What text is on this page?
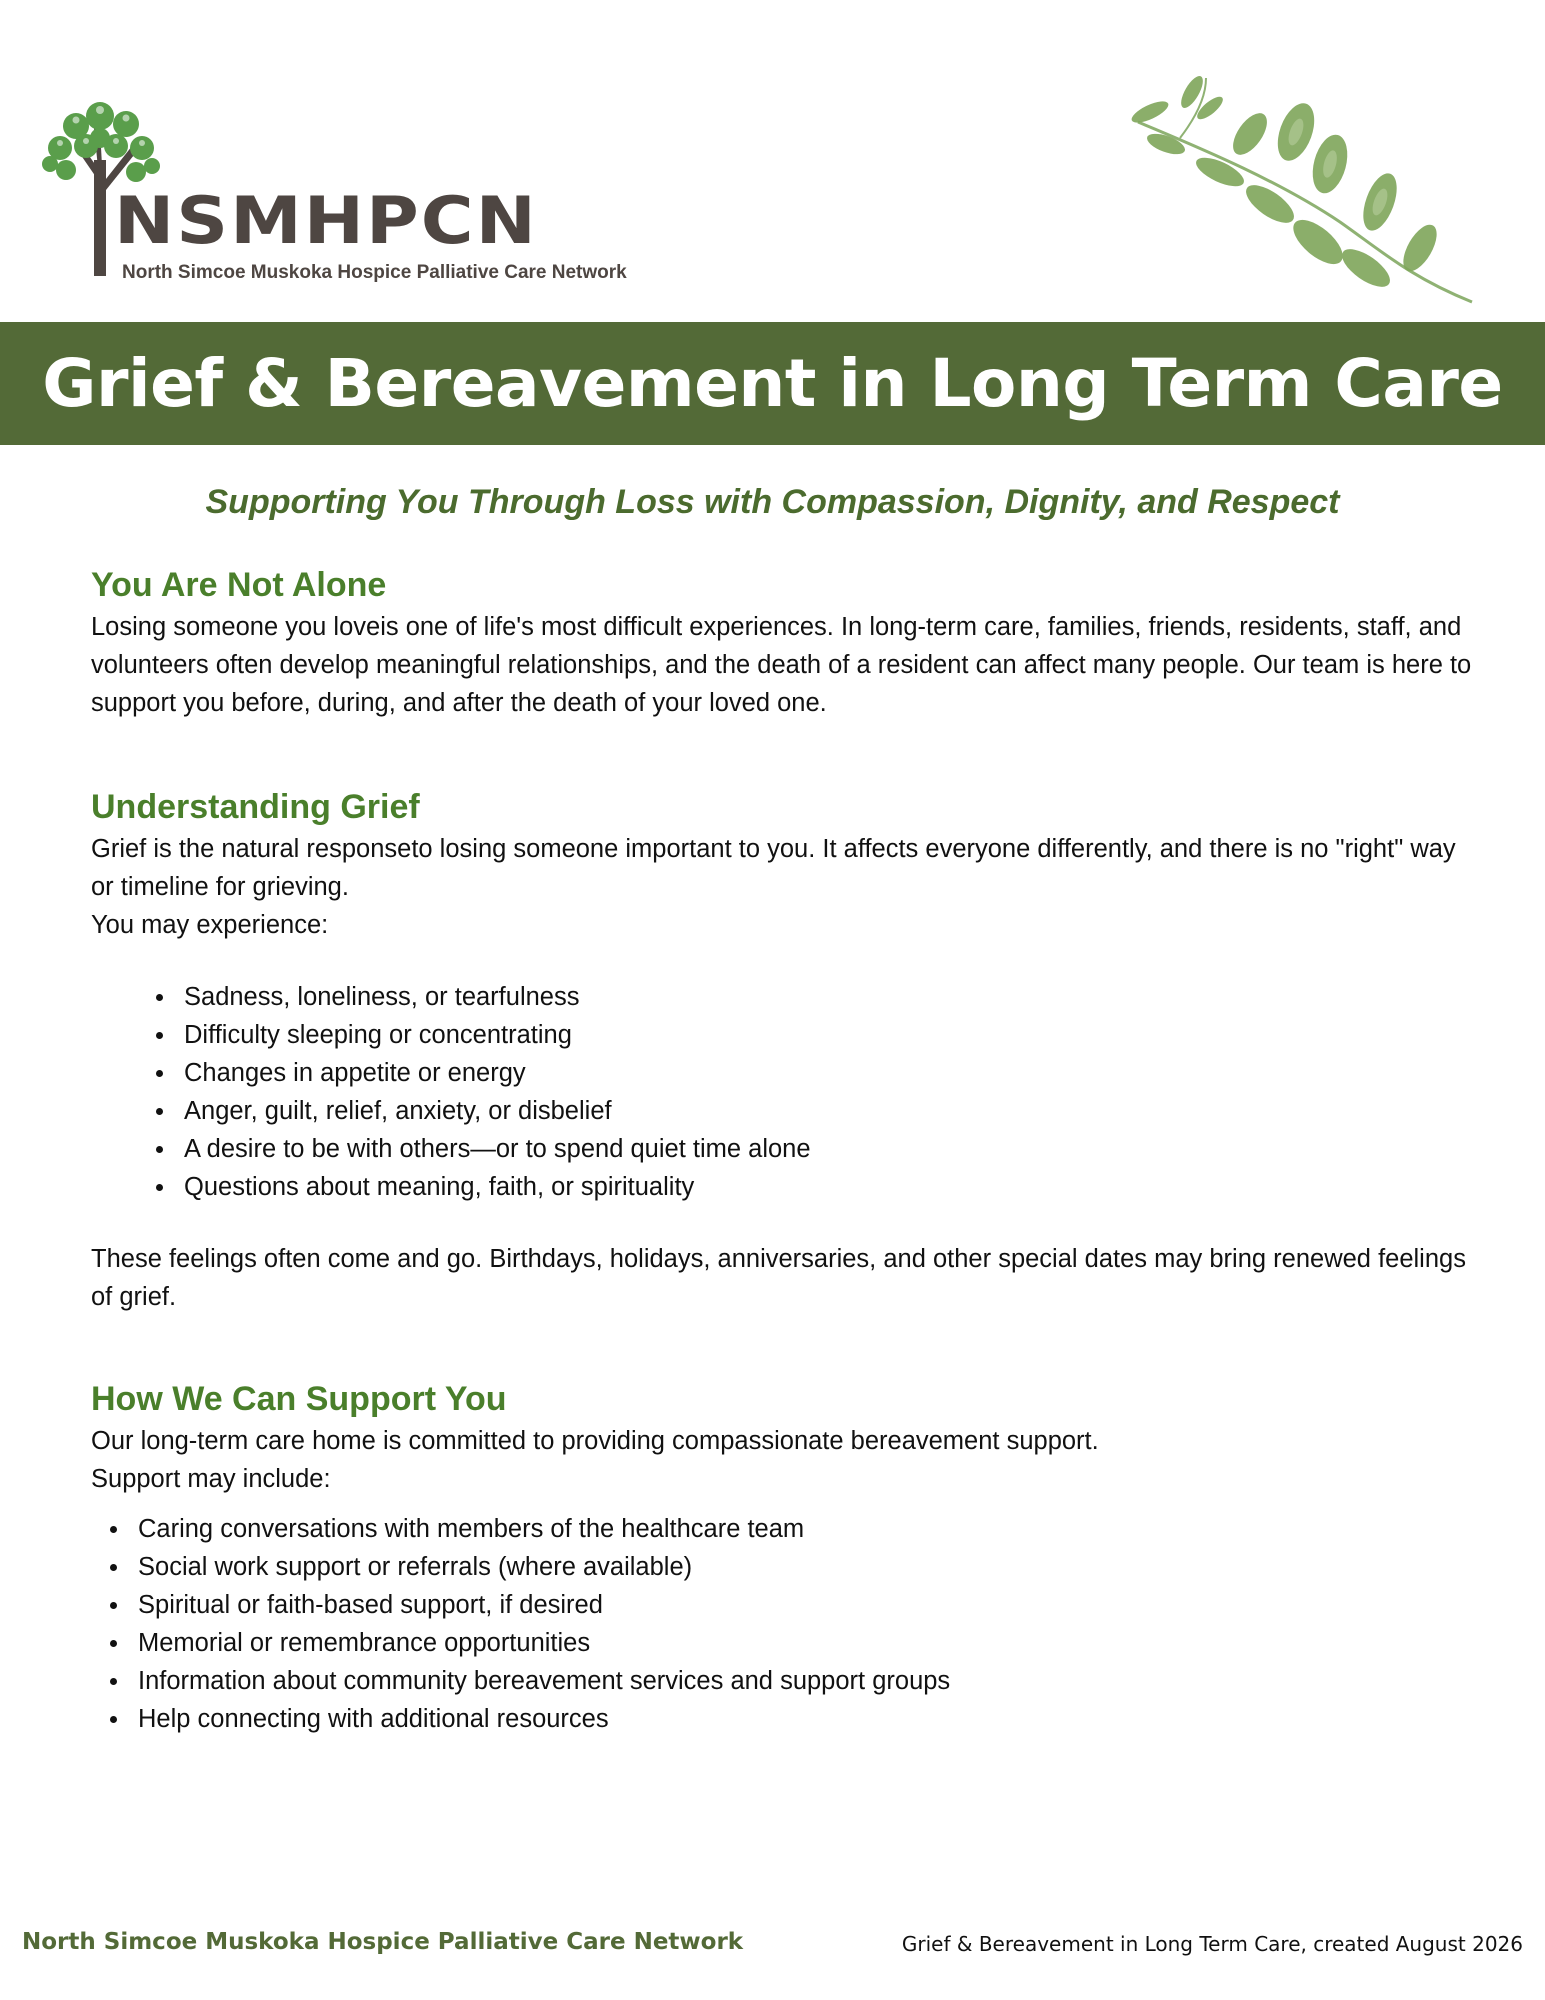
NSMHPCN
North Simcoe Muskoka Hospice Palliative Care Network
Grief & Bereavement in Long Term Care
Supporting You Through Loss with Compassion, Dignity, and Respect
You Are Not Alone

Losing someone you loveis one of life's most difficult experiences. In long-term care, families, friends, residents, staff, and volunteers often develop meaningful relationships, and the death of a resident can affect many people. Our team is here to support you before, during, and after the death of your loved one.

Understanding Grief

Grief is the natural responseto losing someone important to you. It affects everyone differently, and there is no "right" way or timeline for grieving.

You may experience:

Sadness, loneliness, or tearfulness
Difficulty sleeping or concentrating
Changes in appetite or energy
Anger, guilt, relief, anxiety, or disbelief
A desire to be with others—or to spend quiet time alone
Questions about meaning, faith, or spirituality

These feelings often come and go. Birthdays, holidays, anniversaries, and other special dates may bring renewed feelings of grief.

How We Can Support You

Our long-term care home is committed to providing compassionate bereavement support.

Support may include:

Caring conversations with members of the healthcare team
Social work support or referrals (where available)
Spiritual or faith-based support, if desired
Memorial or remembrance opportunities
Information about community bereavement services and support groups
Help connecting with additional resources
North Simcoe Muskoka Hospice Palliative Care Network	Grief & Bereavement in Long Term Care, created August 2026
